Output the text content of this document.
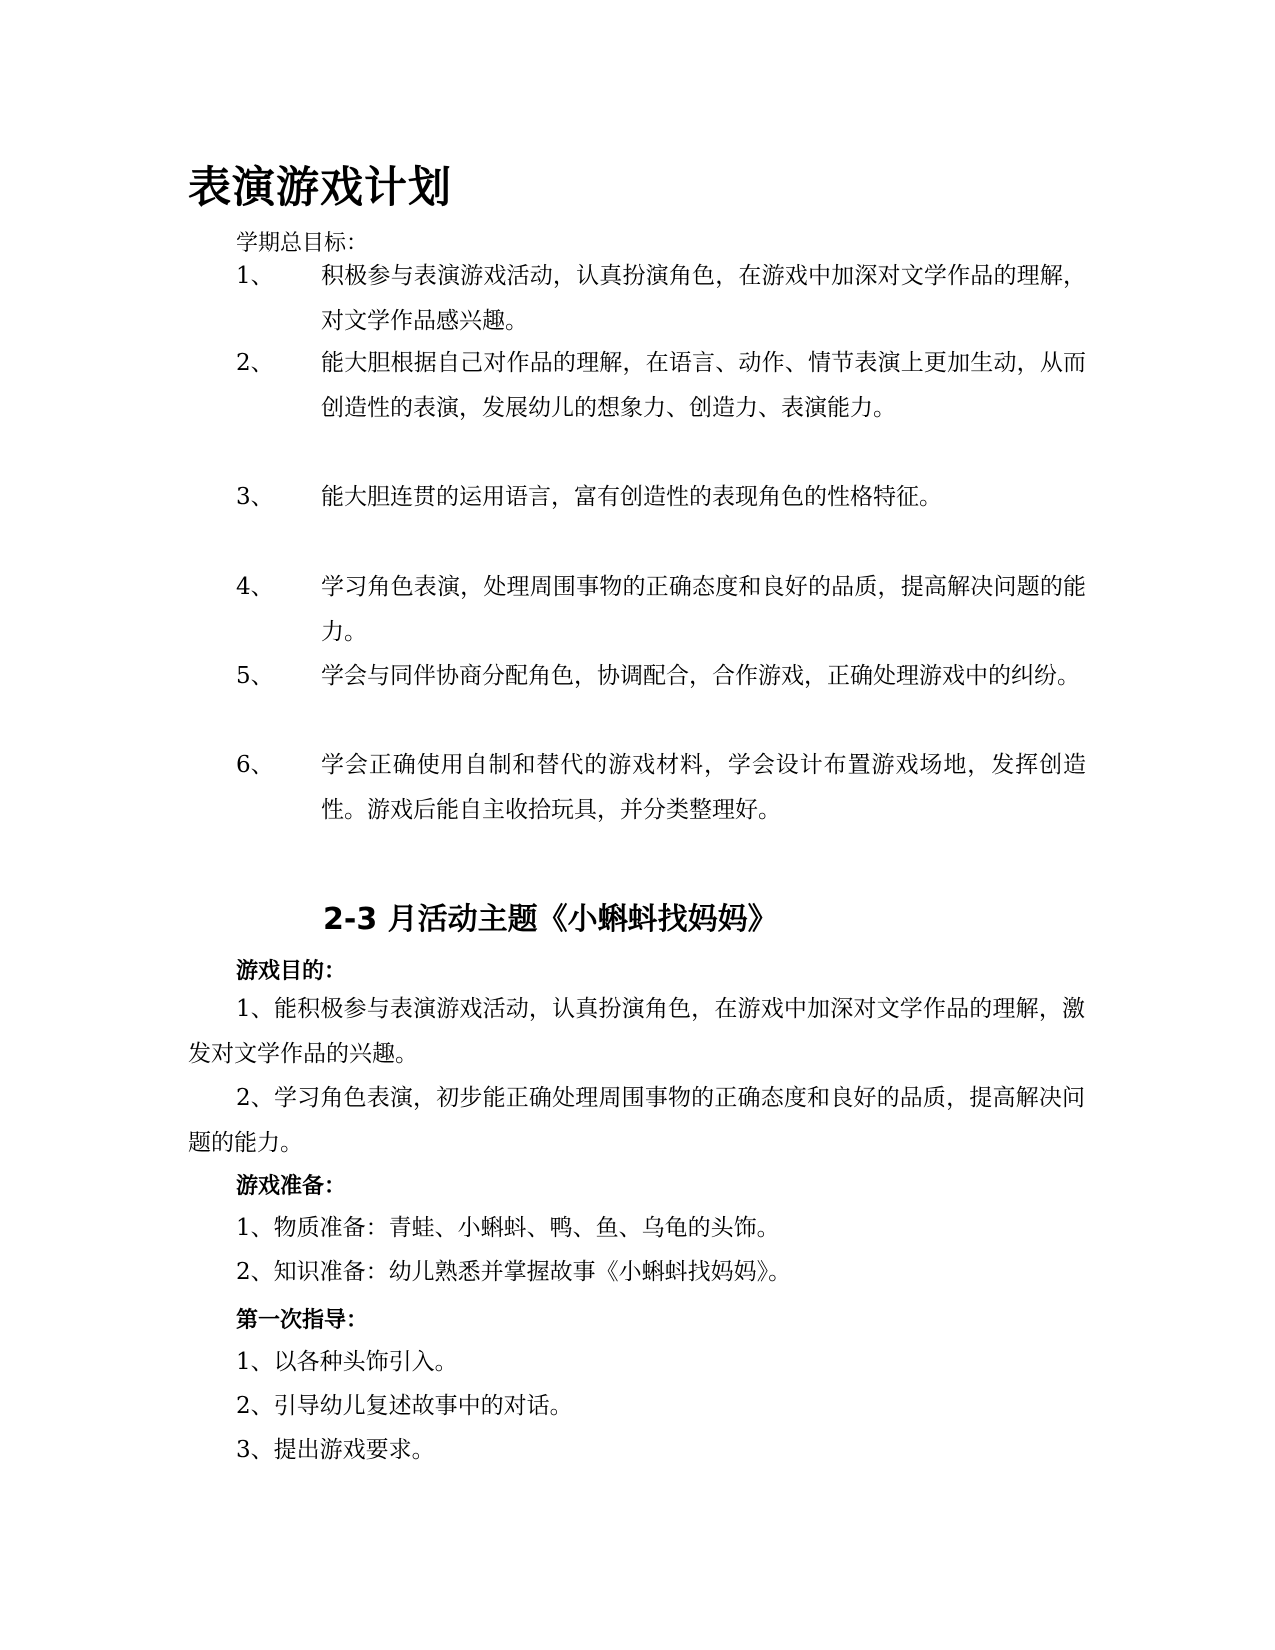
表演游戏计划
学期总目标：
1、	积极参与表演游戏活动，认真扮演角色，在游戏中加深对文学作品的理解，对文学作品感兴趣。
2、	能大胆根据自己对作品的理解，在语言、动作、情节表演上更加生动，从而创造性的表演，发展幼儿的想象力、创造力、表演能力。
3、	能大胆连贯的运用语言，富有创造性的表现角色的性格特征。
4、	学习角色表演，处理周围事物的正确态度和良好的品质，提高解决问题的能力。
5、	学会与同伴协商分配角色，协调配合，合作游戏，正确处理游戏中的纠纷。
6、	学会正确使用自制和替代的游戏材料，学会设计布置游戏场地，发挥创造性。游戏后能自主收拾玩具，并分类整理好。
2-3 月活动主题《小蝌蚪找妈妈》
游戏目的：

1、能积极参与表演游戏活动，认真扮演角色，在游戏中加深对文学作品的理解，激发对文学作品的兴趣。

2、学习角色表演，初步能正确处理周围事物的正确态度和良好的品质，提高解决问题的能力。

游戏准备：

1、物质准备：青蛙、小蝌蚪、鸭、鱼、乌龟的头饰。

2、知识准备：幼儿熟悉并掌握故事《小蝌蚪找妈妈》。

第一次指导：

1、以各种头饰引入。

2、引导幼儿复述故事中的对话。

3、提出游戏要求。
